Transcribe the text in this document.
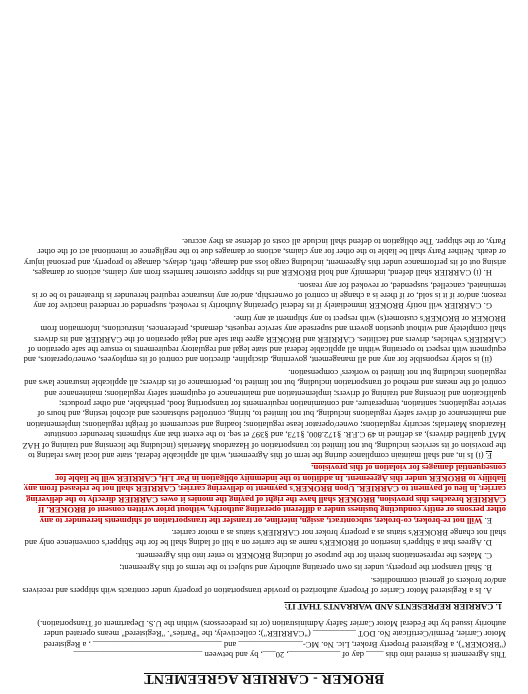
BROKER - CARRIER AGREEMENT

This Agreement is entered into this ____ day of ____________, 20___, by and between ______________________________ ("BROKER"), a Registered Property Broker, Lic. No. MC-_______________ and ______________________________ , a Registered Motor Carrier, Permit/Certificate No. DOT __________ ("CARRIER"); collectively, the "Parties". "Registered" means operated under authority issued by the Federal Motor Carrier Safety Administration (or its predecessors) within the U.S. Department of Transportation.)

1. CARRIER REPRESENTS AND WARRANTS THAT IT:

A. Is a Registered Motor Carrier of Property authorized to provide transportation of property under contracts with shippers and receivers and/or brokers of general commodities.

B. Shall transport the property, under its own operating authority and subject to the terms of this Agreement;

C. Makes the representations herein for the purpose of inducing BROKER to enter into this Agreement.

D. Agrees that a Shipper's insertion of BROKER's name as the carrier on a bill of lading shall be for the Shipper's convenience only and shall not change BROKER's status as a property broker nor CARRIER's status as a motor carrier.

E. Will not re-broker, co-broker, subcontract, assign, interline, or transfer the transportation of shipments hereunder to any other persons or entity conducting business under a different operating authority, without prior written consent of BROKER. If CARRIER breaches this provision, BROKER shall have the right of paying the monies it owes CARRIER directly to the delivering carrier, in lieu of payment to CARRIER. Upon BROKER's payment to delivering carrier, CARRIER shall not be released from any liability to BROKER under this Agreement. In addition to the indemnity obligation in Par 1.H, CARRIER will be liable for consequential damages for violation of this provision.

F. (i) Is in, and shall maintain compliance during the term of this Agreement, with all applicable federal, state and local laws relating to the provision of its services including, but not limited to: transportation of Hazardous Materials (including the licensing and training of HAZ MAT qualified drivers), as defined in 49 C.F.R. §172.800, §173, and §397 et seq. to the extent that any shipments hereunder constitute Hazardous Materials; security regulations; owner/operator lease regulations; loading and securement of freight regulations; implementation and maintenance of driver safety regulations including, but not limited to, hiring, controlled substances and alcohol testing, and hours of service regulations; sanitation, temperature, and contamination requirements for transporting food, perishable, and other products; qualification and licensing and training of drivers; implementation and maintenance of equipment safety regulations; maintenance and control of the means and method of transportation including, but not limited to, performance of its drivers; all applicable insurance laws and regulations including but not limited to workers' compensation.

(ii) is solely responsible for any and all management, governing, discipline, direction and control of its employees, owner/operators, and equipment with respect to operating within all applicable federal and state legal and regulatory requirements to ensure the safe operation of CARRIER's vehicles, drivers and facilities. CARRIER and BROKER agree that safe and legal operation of the CARRIER and its drivers shall completely and without question govern and supersede any service requests, demands, preferences, instructions, information from BROKER or BROKER's customer(s) with respect to any shipment at any time.

G. CARRIER will notify BROKER immediately if its federal Operating Authority is revoked, suspended or rendered inactive for any reason; and/or if it is sold, or if there is a change in control of ownership, and/or any insurance required hereunder is threatened to be or is terminated, cancelled, suspended, or revoked for any reason.

H. (i) CARRIER shall defend, indemnify and hold BROKER and its shipper customer harmless from any claims, actions or damages, arising out of its performance under this Agreement, including cargo loss and damage, theft, delays, damage to property, and personal injury or death. Neither Party shall be liable to the other for any claims, actions or damages due to the negligence or intentional act of the other Party, or the shipper. The obligation to defend shall include all costs of defense as they accrue.
